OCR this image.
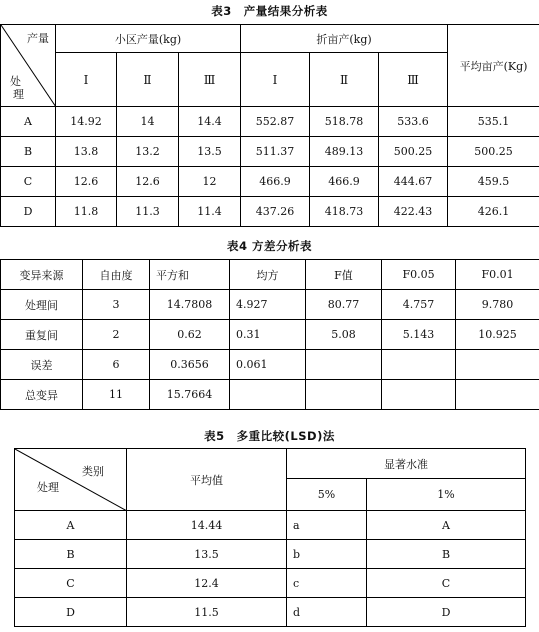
表3　产量结果分析表
产量
处
理	小区产量(kg)			折亩产(kg)			平均亩产(Kg)
	Ⅰ	Ⅱ	Ⅲ	Ⅰ	Ⅱ	Ⅲ	
A	14.92	14	14.4	552.87	518.78	533.6	535.1
B	13.8	13.2	13.5	511.37	489.13	500.25	500.25
C	12.6	12.6	12	466.9	466.9	444.67	459.5
D	11.8	11.3	11.4	437.26	418.73	422.43	426.1
表4 方差分析表
变异来源	自由度	平方和	均方	F值	F0.05	F0.01
处理间	3	14.7808	4.927	80.77	4.757	9.780
重复间	2	0.62	0.31	5.08	5.143	10.925
误差	6	0.3656	0.061			
总变异	11	15.7664				
表5　多重比较(LSD)法
类别
处理	平均值	显著水准	
		5%	1%
A	14.44	a	A
B	13.5	b	B
C	12.4	c	C
D	11.5	d	D
